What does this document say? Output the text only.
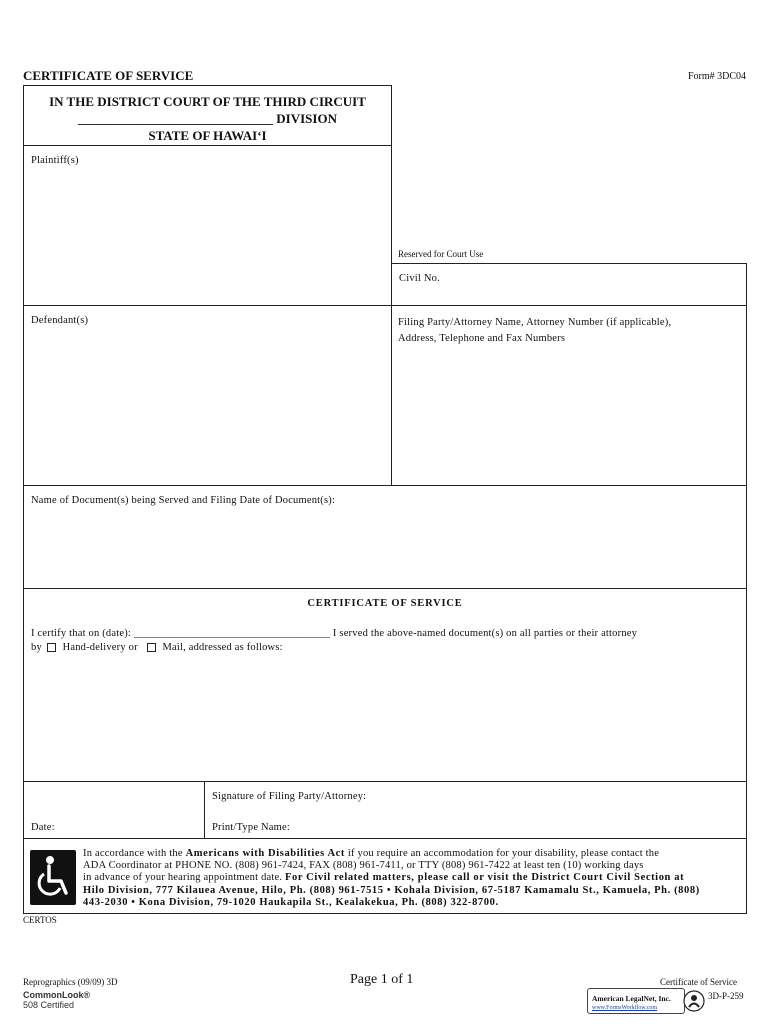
CERTIFICATE OF SERVICE	Form# 3DC04
IN THE DISTRICT COURT OF THE THIRD CIRCUIT
______________________________ DIVISION
STATE OF HAWAIʻI
Plaintiff(s)
Defendant(s)
Reserved for Court Use
Civil No.
Filing Party/Attorney Name, Attorney Number (if applicable),
Address, Telephone and Fax Numbers
Name of Document(s) being Served and Filing Date of Document(s):
CERTIFICATE OF SERVICE
I certify that on (date): ____________________________________ I served the above-named document(s) on all parties or their attorney
by Hand-delivery or Mail, addressed as follows:
Signature of Filing Party/Attorney:
Date:	Print/Type Name:
In accordance with the Americans with Disabilities Act if you require an accommodation for your disability, please contact the
ADA Coordinator at PHONE NO. (808) 961-7424, FAX (808) 961-7411, or TTY (808) 961-7422 at least ten (10) working days
in advance of your hearing appointment date. For Civil related matters, please call or visit the District Court Civil Section at
Hilo Division, 777 Kilauea Avenue, Hilo, Ph. (808) 961-7515 • Kohala Division, 67-5187 Kamamalu St., Kamuela, Ph. (808)
443-2030 • Kona Division, 79-1020 Haukapila St., Kealakekua, Ph. (808) 322-8700.
CERTOS
Reprographics (09/09) 3D	Page 1 of 1	Certificate of Service
CommonLook®
508 Certified
American LegalNet, Inc.
www.FormsWorkflow.com
3D-P-259
